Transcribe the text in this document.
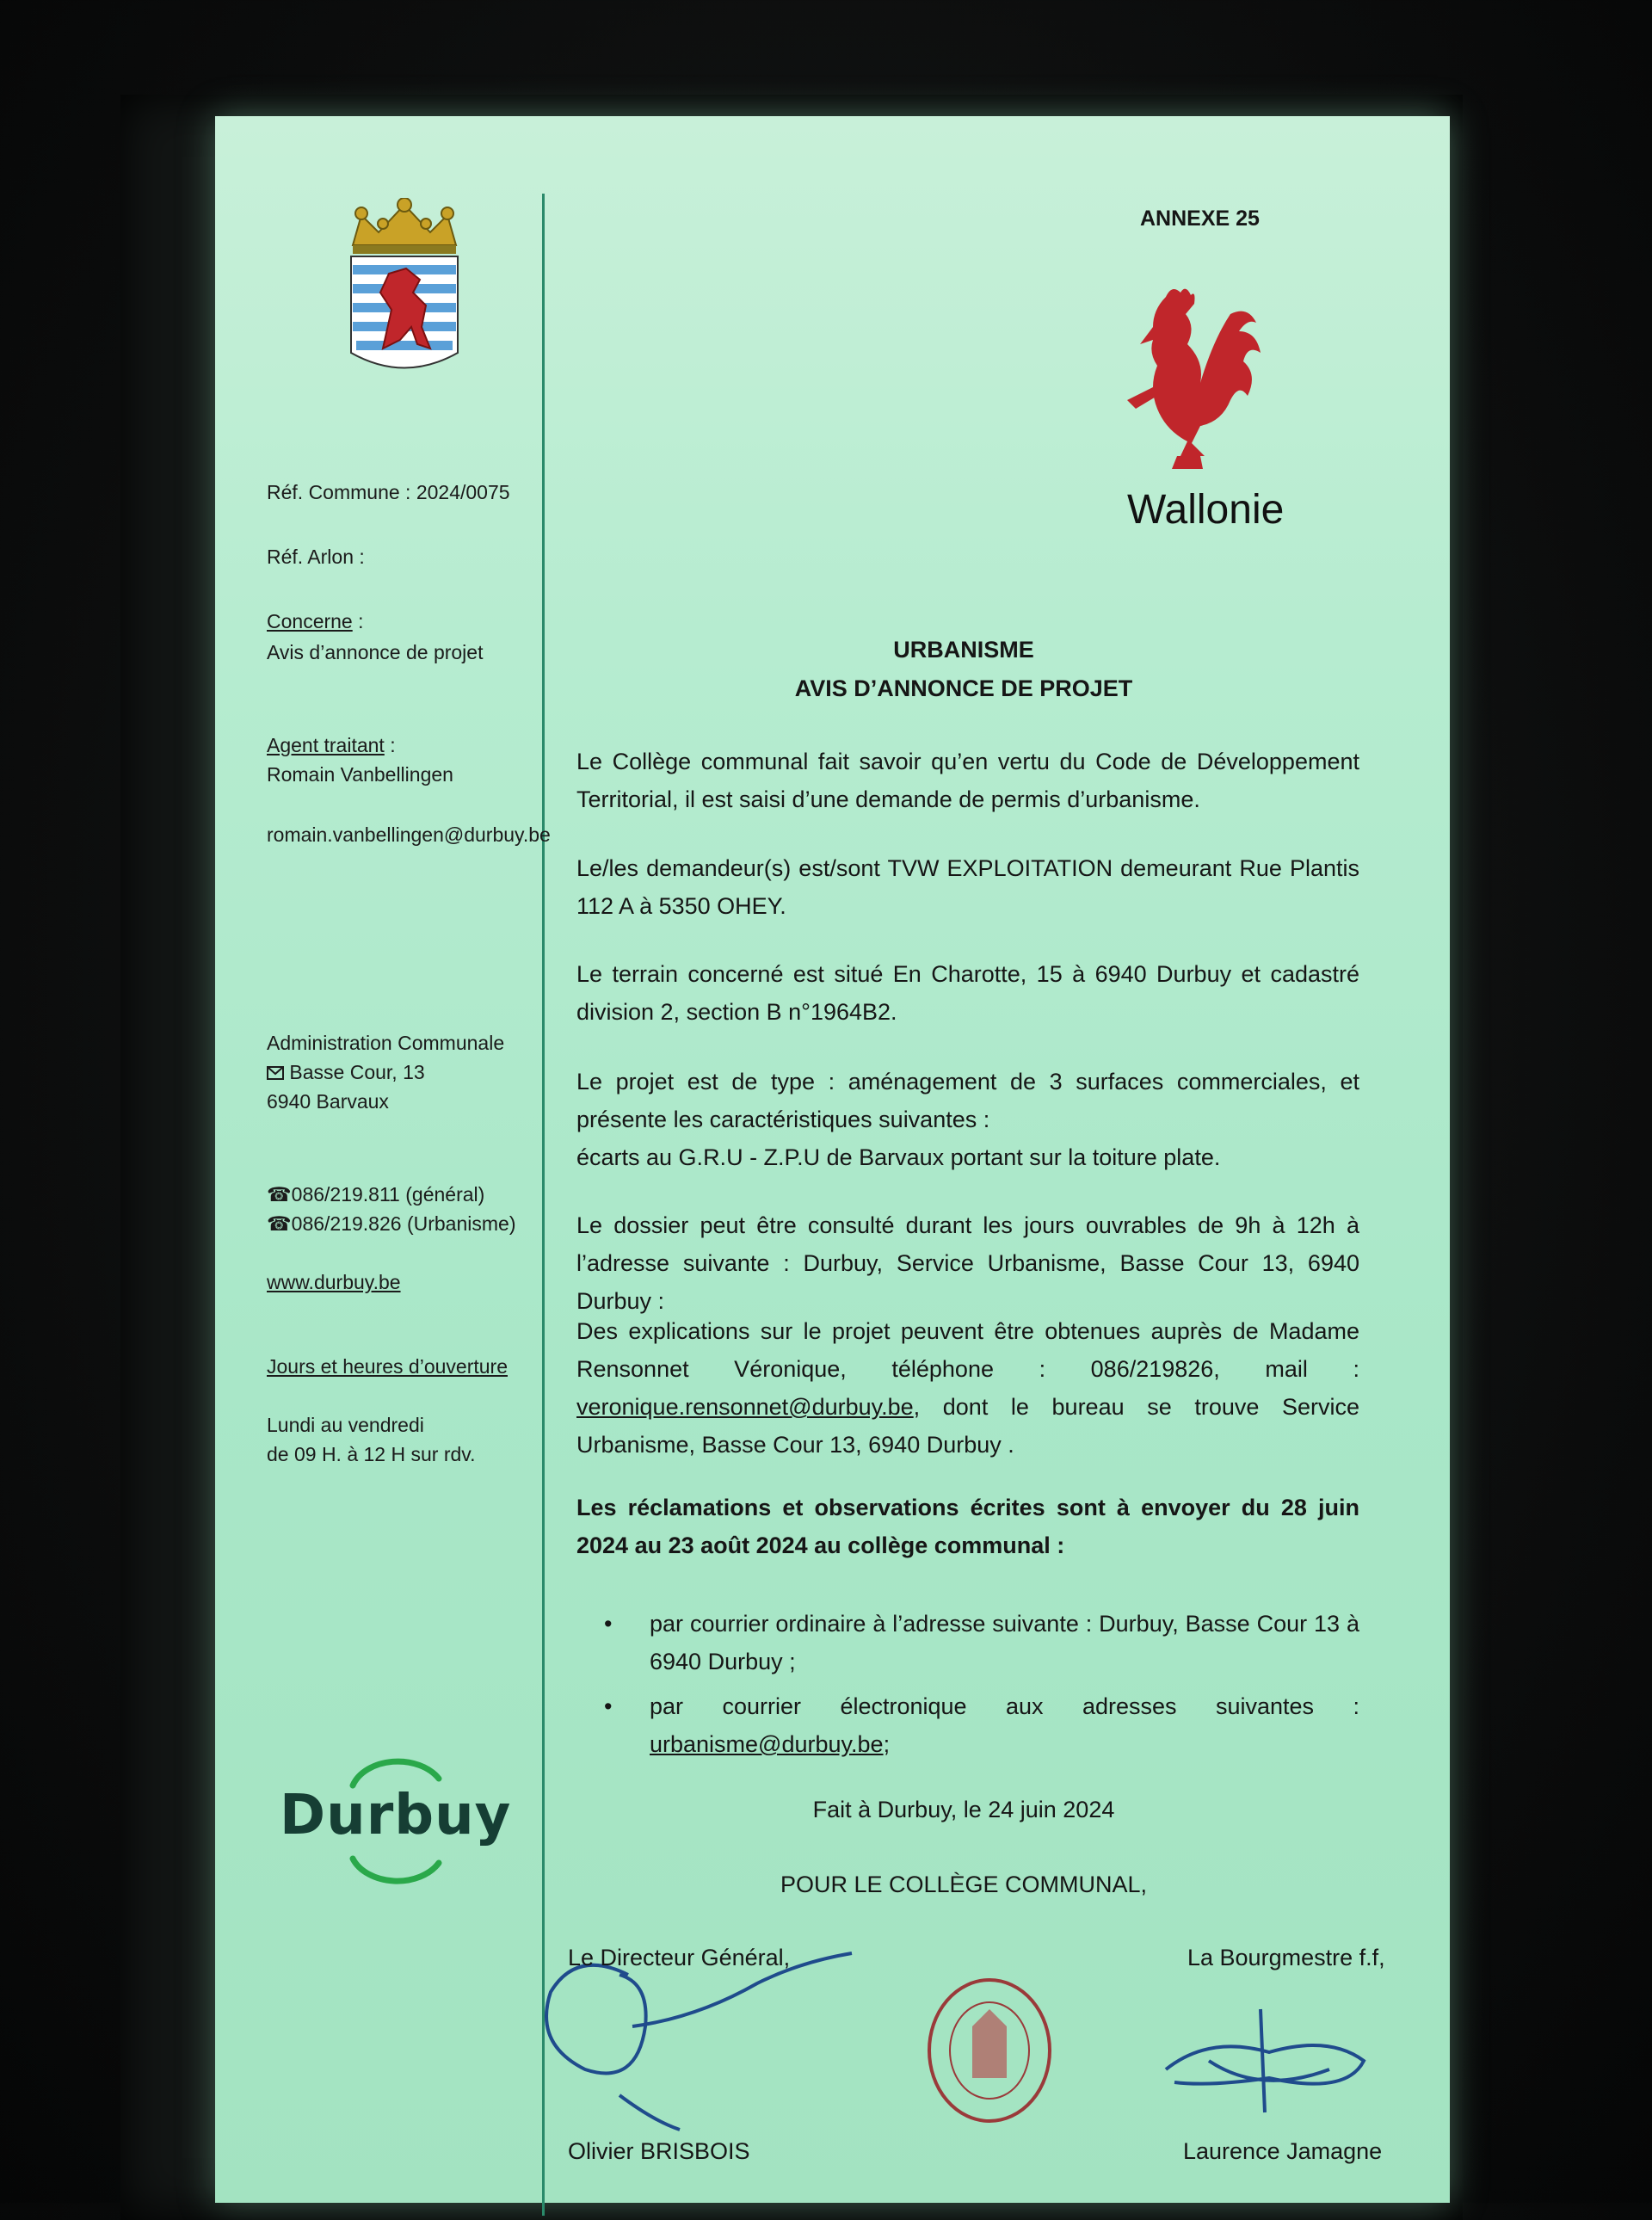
Réf. Commune : 2024/0075
Réf. Arlon :
Concerne :
Avis d’annonce de projet
Agent traitant :
Romain Vanbellingen
romain.vanbellingen@durbuy.be
Administration Communale
Basse Cour, 13
6940 Barvaux
☎086/219.811 (général)
☎086/219.826 (Urbanisme)
www.durbuy.be
Jours et heures d’ouverture
Lundi au vendredi
de 09 H. à 12 H sur rdv.
Durbuy
ANNEXE 25
Wallonie
URBANISME
AVIS D’ANNONCE DE PROJET
Le Collège communal fait savoir qu’en vertu du Code de Développement Territorial, il est saisi d’une demande de permis d’urbanisme.
Le/les demandeur(s) est/sont TVW EXPLOITATION demeurant Rue Plantis 112 A à 5350 OHEY.
Le terrain concerné est situé En Charotte, 15 à 6940 Durbuy et cadastré division 2, section B n°1964B2.
Le projet est de type : aménagement de 3 surfaces commerciales, et présente les caractéristiques suivantes :
écarts au G.R.U - Z.P.U de Barvaux portant sur la toiture plate.
Le dossier peut être consulté durant les jours ouvrables de 9h à 12h à l’adresse suivante : Durbuy, Service Urbanisme, Basse Cour 13, 6940 Durbuy :
Des explications sur le projet peuvent être obtenues auprès de Madame Rensonnet Véronique, téléphone : 086/219826, mail : veronique.rensonnet@durbuy.be, dont le bureau se trouve Service Urbanisme, Basse Cour 13, 6940 Durbuy .
Les réclamations et observations écrites sont à envoyer du 28 juin 2024 au 23 août 2024 au collège communal :
• par courrier ordinaire à l’adresse suivante : Durbuy, Basse Cour 13 à 6940 Durbuy ;
• par courrier électronique aux adresses suivantes : urbanisme@durbuy.be;
Fait à Durbuy, le 24 juin 2024
POUR LE COLLÈGE COMMUNAL,
Le Directeur Général,	La Bourgmestre f.f,
Olivier BRISBOIS	Laurence Jamagne
